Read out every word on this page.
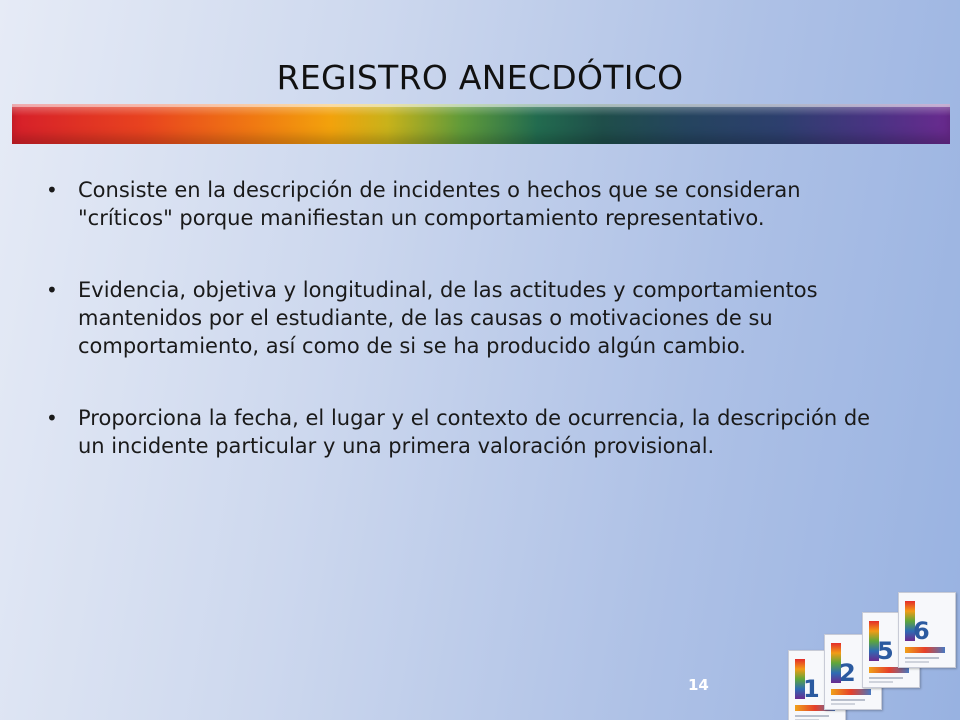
REGISTRO ANECDÓTICO
• Consiste en la descripción de incidentes o hechos que se consideran "críticos" porque manifiestan un comportamiento representativo.
• Evidencia, objetiva y longitudinal, de las actitudes y comportamientos mantenidos por el estudiante, de las causas o motivaciones de su comportamiento, así como de si se ha producido algún cambio.
• Proporciona la fecha, el lugar y el contexto de ocurrencia, la descripción de un incidente particular y una primera valoración provisional.
14	1
2
5
6
